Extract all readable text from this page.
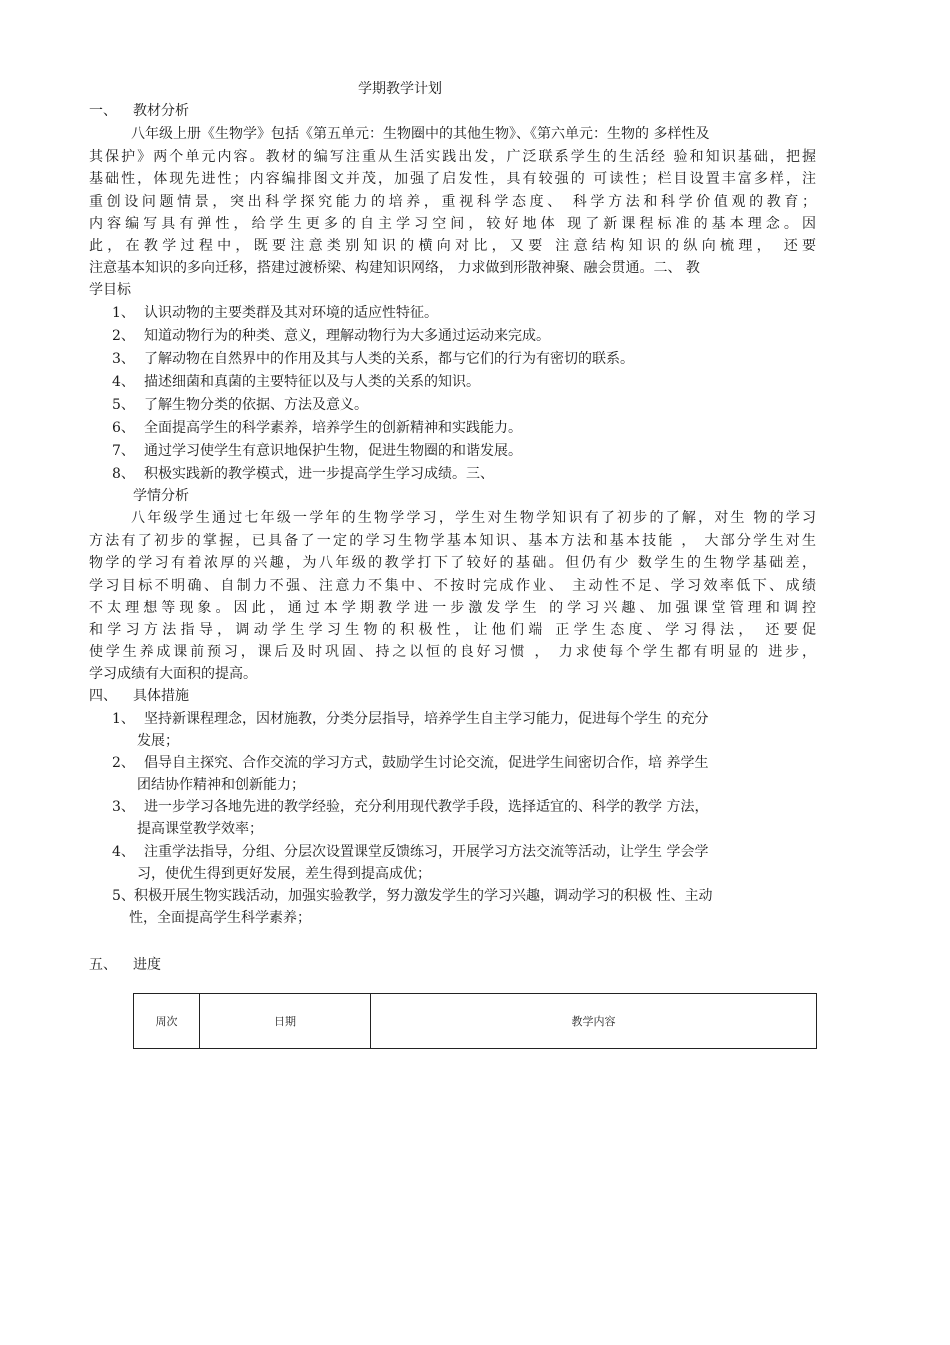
学期教学计划
一、 教材分析
八年级上册《生物学》包括《第五单元：生物圈中的其他生物》、《第六单元：生物的 多样性及
其保护》两个单元内容。教材的编写注重从生活实践出发，广泛联系学生的生活经 验和知识基础，把握
基础性，体现先进性；内容编排图文并茂，加强了启发性，具有较强的 可读性；栏目设置丰富多样，注
重创设问题情景，突出科学探究能力的培养，重视科学态度、 科学方法和科学价值观的教育；
内容编写具有弹性，给学生更多的自主学习空间，较好地体 现了新课程标准的基本理念。因
此，在教学过程中，既要注意类别知识的横向对比，又要 注意结构知识的纵向梳理， 还要
注意基本知识的多向迁移，搭建过渡桥梁、构建知识网络， 力求做到形散神聚、融会贯通。二、 教
学目标
1、 认识动物的主要类群及其对环境的适应性特征。
2、 知道动物行为的种类、意义，理解动物行为大多通过运动来完成。
3、 了解动物在自然界中的作用及其与人类的关系，都与它们的行为有密切的联系。
4、 描述细菌和真菌的主要特征以及与人类的关系的知识。
5、 了解生物分类的依据、方法及意义。
6、 全面提高学生的科学素养，培养学生的创新精神和实践能力。
7、 通过学习使学生有意识地保护生物，促进生物圈的和谐发展。
8、 积极实践新的教学模式，进一步提高学生学习成绩。三、
学情分析
八年级学生通过七年级一学年的生物学学习，学生对生物学知识有了初步的了解，对生 物的学习
方法有了初步的掌握，已具备了一定的学习生物学基本知识、基本方法和基本技能 ， 大部分学生对生
物学的学习有着浓厚的兴趣，为八年级的教学打下了较好的基础。但仍有少 数学生的生物学基础差，
学习目标不明确、自制力不强、注意力不集中、不按时完成作业、 主动性不足、学习效率低下、成绩
不太理想等现象。因此，通过本学期教学进一步激发学生 的学习兴趣、加强课堂管理和调控
和学习方法指导，调动学生学习生物的积极性，让他们端 正学生态度、学习得法， 还要促
使学生养成课前预习，课后及时巩固、持之以恒的良好习惯 ， 力求使每个学生都有明显的 进步，
学习成绩有大面积的提高。
四、 具体措施
1、 坚持新课程理念，因材施教，分类分层指导，培养学生自主学习能力，促进每个学生 的充分
发展；
2、 倡导自主探究、合作交流的学习方式，鼓励学生讨论交流，促进学生间密切合作，培 养学生
团结协作精神和创新能力；
3、 进一步学习各地先进的教学经验，充分利用现代教学手段，选择适宜的、科学的教学 方法，
提高课堂教学效率；
4、 注重学法指导，分组、分层次设置课堂反馈练习，开展学习方法交流等活动，让学生 学会学
习，使优生得到更好发展，差生得到提高成优；
5、 积极开展生物实践活动，加强实验教学，努力激发学生的学习兴趣，调动学习的积极 性、主动
性，全面提高学生科学素养；
五、 进度
周次	日期	教学内容
